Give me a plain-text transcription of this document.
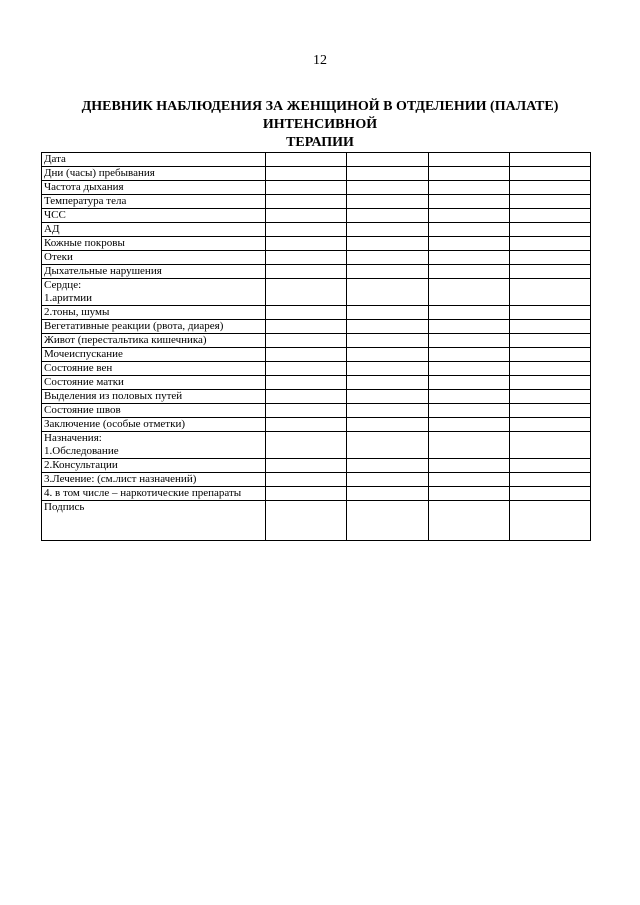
12
ДНЕВНИК НАБЛЮДЕНИЯ ЗА ЖЕНЩИНОЙ В ОТДЕЛЕНИИ (ПАЛАТЕ) ИНТЕНСИВНОЙ
ТЕРАПИИ
Дата				

Дни (часы) пребывания				

Частота дыхания				

Температура тела				

ЧСС				

АД				

Кожные покровы				

Отеки				

Дыхательные нарушения				

Сердце:
1.аритмии				

2.тоны, шумы				

Вегетативные реакции (рвота, диарея)				

Живот (перестальтика кишечника)				

Мочеиспускание				

Состояние вен				

Состояние матки				

Выделения из половых путей				

Состояние швов				

Заключение (особые отметки)				

Назначения:
1.Обследование				

2.Консультации				

3.Лечение: (см.лист назначений)				

4. в том числе – наркотические препараты				

Подпись				
